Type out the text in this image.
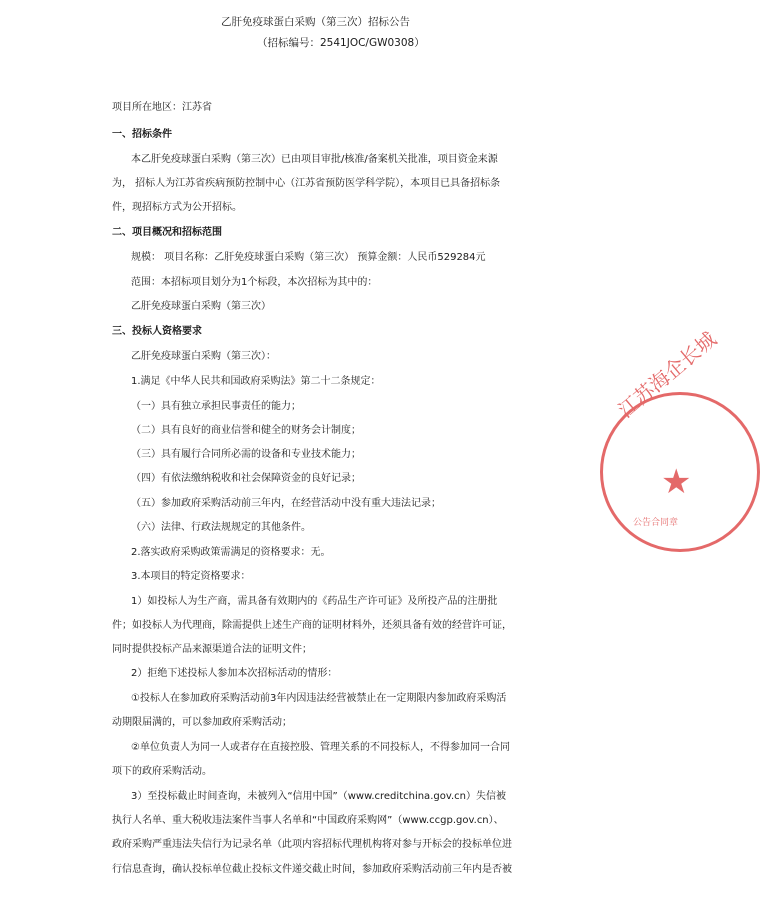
乙肝免疫球蛋白采购（第三次）招标公告
（招标编号：2541JOC/GW0308）
项目所在地区：江苏省
一、招标条件
本乙肝免疫球蛋白采购（第三次）已由项目审批/核准/备案机关批准，项目资金来源
为， 招标人为江苏省疾病预防控制中心（江苏省预防医学科学院），本项目已具备招标条
件，现招标方式为公开招标。
二、项目概况和招标范围
规模： 项目名称：乙肝免疫球蛋白采购（第三次） 预算金额：人民币529284元
范围：本招标项目划分为1个标段，本次招标为其中的：
乙肝免疫球蛋白采购（第三次）
三、投标人资格要求
乙肝免疫球蛋白采购（第三次）：
1.满足《中华人民共和国政府采购法》第二十二条规定：
（一）具有独立承担民事责任的能力；
（二）具有良好的商业信誉和健全的财务会计制度；
（三）具有履行合同所必需的设备和专业技术能力；
（四）有依法缴纳税收和社会保障资金的良好记录；
（五）参加政府采购活动前三年内，在经营活动中没有重大违法记录；
（六）法律、行政法规规定的其他条件。
2.落实政府采购政策需满足的资格要求：无。
3.本项目的特定资格要求：
1）如投标人为生产商，需具备有效期内的《药品生产许可证》及所投产品的注册批
件；如投标人为代理商，除需提供上述生产商的证明材料外，还须具备有效的经营许可证，
同时提供投标产品来源渠道合法的证明文件；
2）拒绝下述投标人参加本次招标活动的情形：
①投标人在参加政府采购活动前3年内因违法经营被禁止在一定期限内参加政府采购活
动期限届满的，可以参加政府采购活动；
②单位负责人为同一人或者存在直接控股、管理关系的不同投标人，不得参加同一合同
项下的政府采购活动。
3）至投标截止时间查询，未被列入“信用中国”（www.creditchina.gov.cn）失信被
执行人名单、重大税收违法案件当事人名单和“中国政府采购网”（www.ccgp.gov.cn）、
政府采购严重违法失信行为记录名单（此项内容招标代理机构将对参与开标会的投标单位进
行信息查询，确认投标单位截止投标文件递交截止时间，参加政府采购活动前三年内是否被
江苏海企长城
★
公告合同章
